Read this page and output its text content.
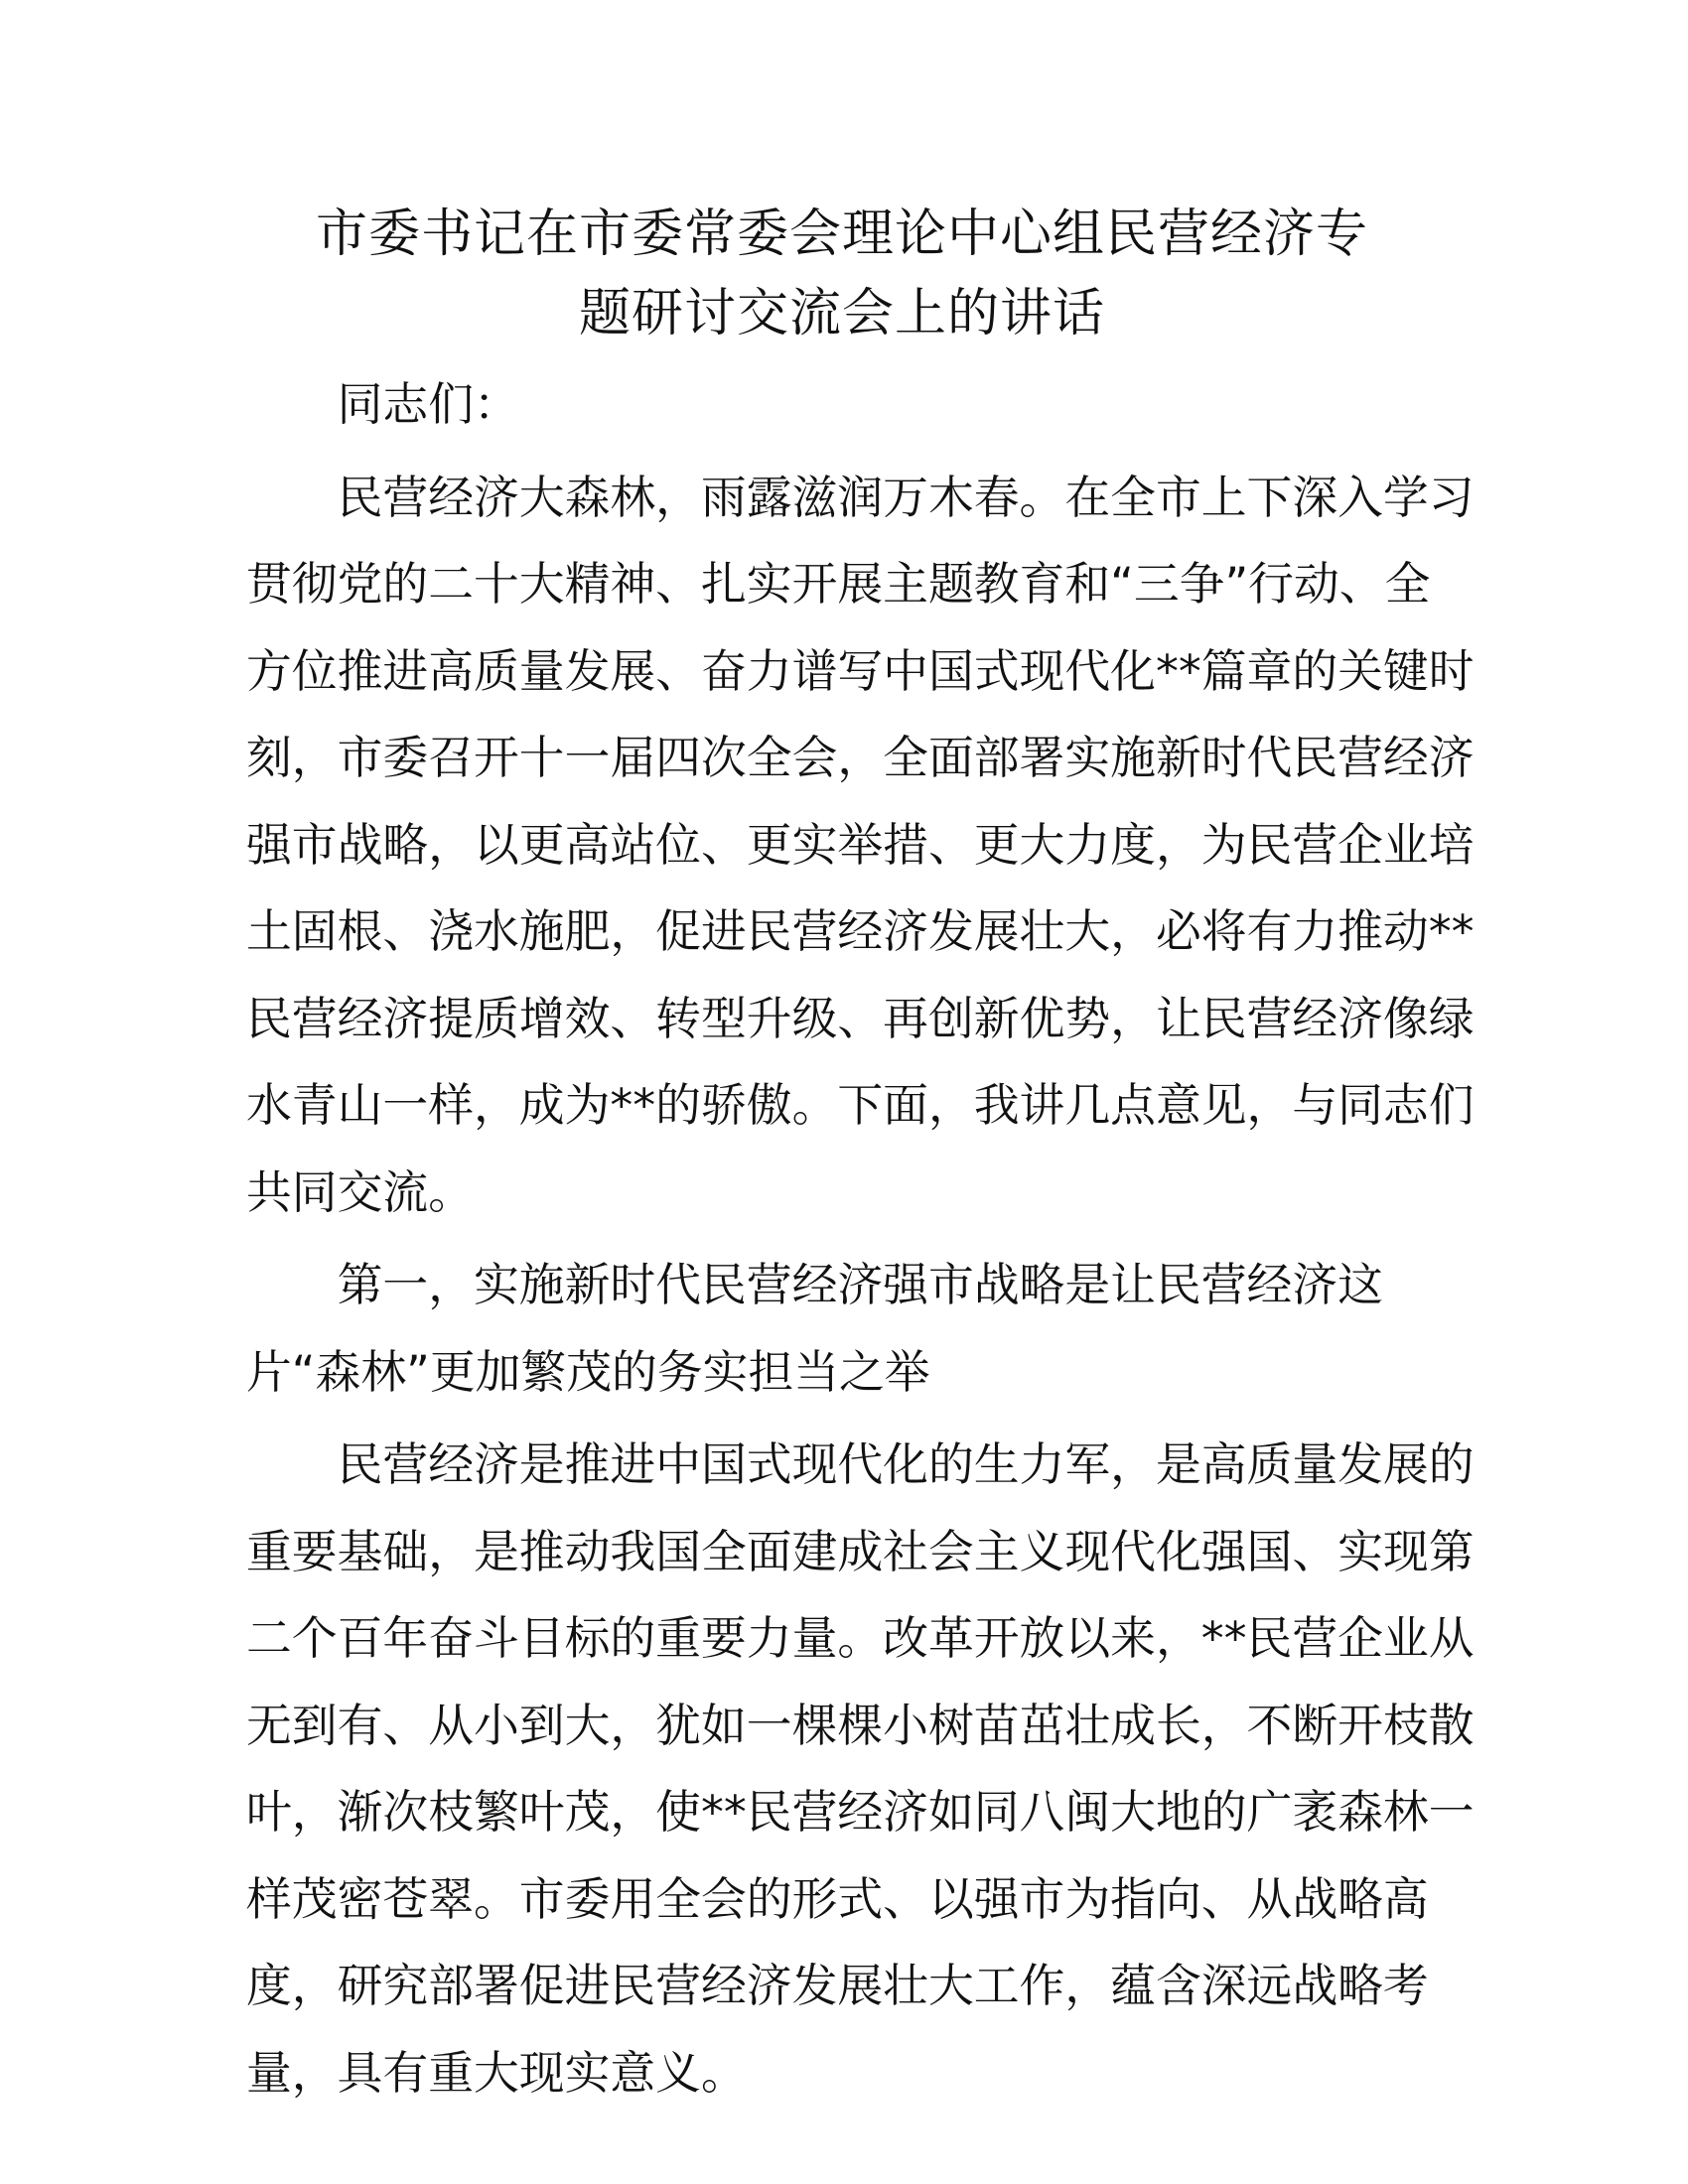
市委书记在市委常委会理论中心组民营经济专
题研讨交流会上的讲话
同志们：
民营经济大森林，雨露滋润万木春。在全市上下深入学习
贯彻党的二十大精神、扎实开展主题教育和“三争”行动、全
方位推进高质量发展、奋力谱写中国式现代化**篇章的关键时
刻，市委召开十一届四次全会，全面部署实施新时代民营经济
强市战略，以更高站位、更实举措、更大力度，为民营企业培
土固根、浇水施肥，促进民营经济发展壮大，必将有力推动**
民营经济提质增效、转型升级、再创新优势，让民营经济像绿
水青山一样，成为**的骄傲。下面，我讲几点意见，与同志们
共同交流。
第一，实施新时代民营经济强市战略是让民营经济这
片“森林”更加繁茂的务实担当之举
民营经济是推进中国式现代化的生力军，是高质量发展的
重要基础，是推动我国全面建成社会主义现代化强国、实现第
二个百年奋斗目标的重要力量。改革开放以来，**民营企业从
无到有、从小到大，犹如一棵棵小树苗茁壮成长，不断开枝散
叶，渐次枝繁叶茂，使**民营经济如同八闽大地的广袤森林一
样茂密苍翠。市委用全会的形式、以强市为指向、从战略高
度，研究部署促进民营经济发展壮大工作，蕴含深远战略考
量，具有重大现实意义。
